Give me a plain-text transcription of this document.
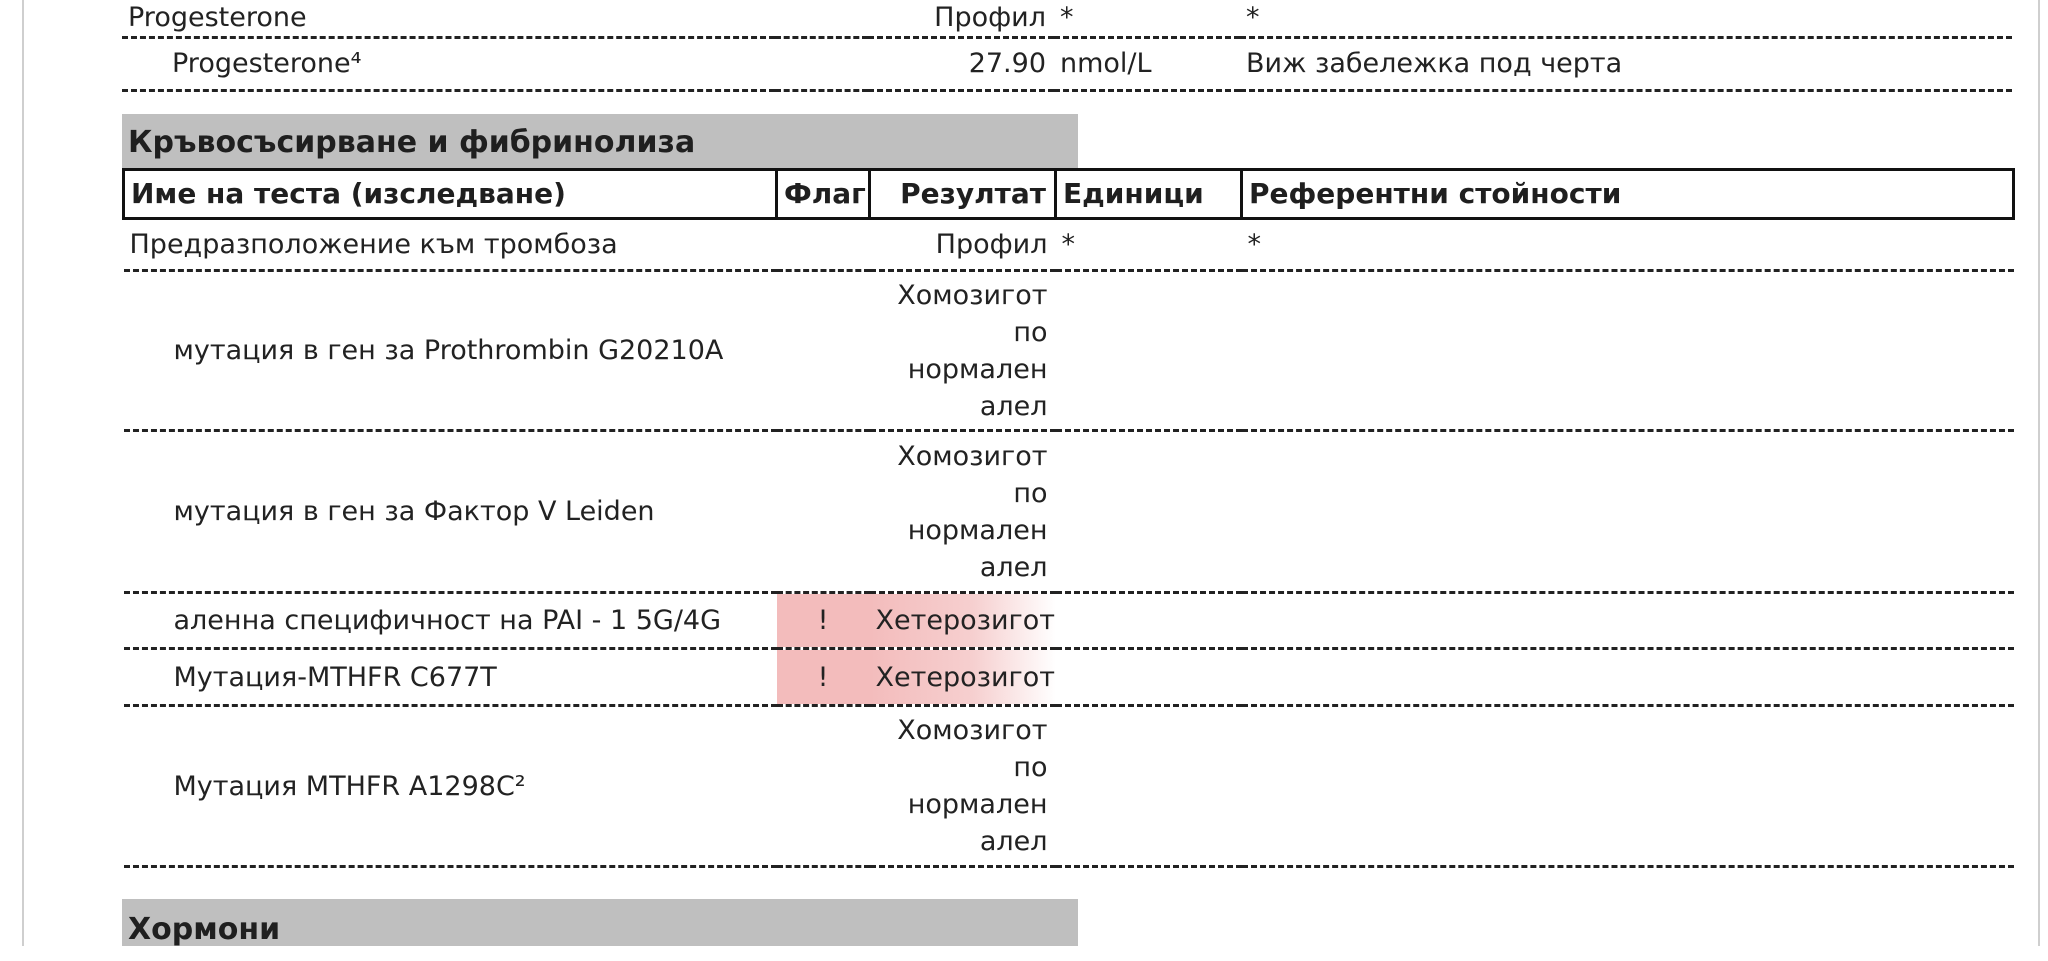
Progesterone		Профил	*	*
Progesterone⁴		27.90	nmol/L	Виж забележка под черта
Кръвосъсирване и фибринолиза
Име на теста (изследване)	Флаг	Резултат	Единици	Референтни стойности
Предразположение към тромбоза		Профил	*	*
мутация в ген за Prothrombin G20210A		Хомозигот по нормален алел		
мутация в ген за Фактор V Leiden		Хомозигот по нормален алел		
аленна специфичност на PAI - 1 5G/4G	!	Хетерозигот		
Мутация-MTHFR C677T	!	Хетерозигот		
Мутация MTHFR A1298C²		Хомозигот по нормален алел		
Хормони
